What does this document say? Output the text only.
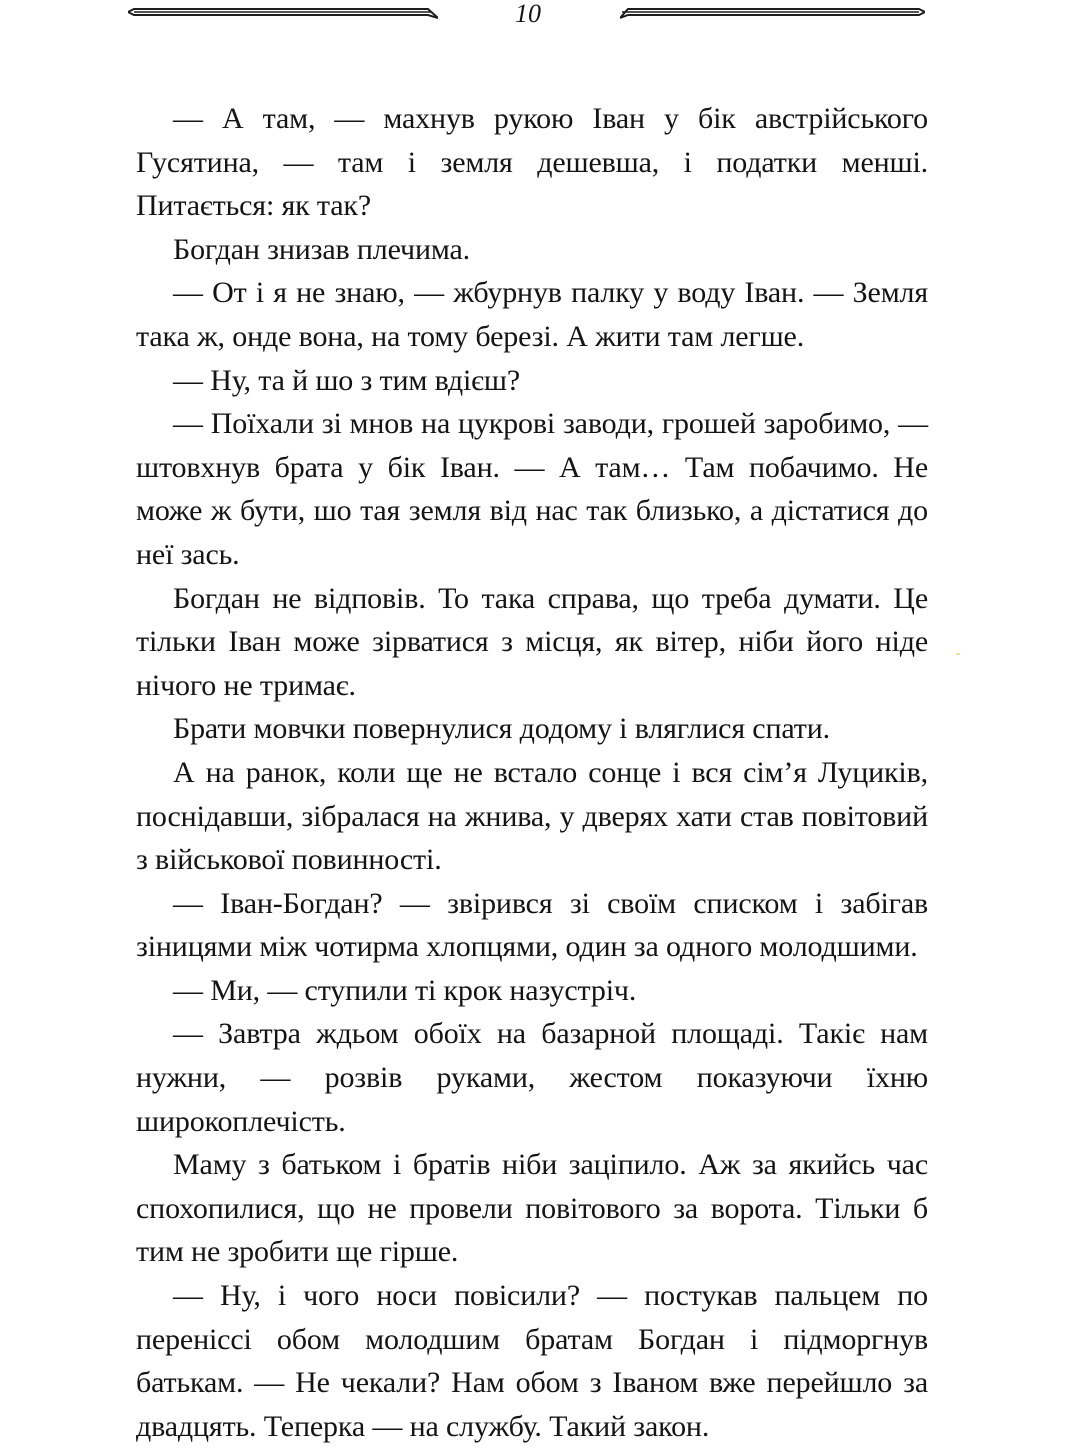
10

— А там, — махнув рукою Іван у бік австрійського Гусятина, — там і земля дешевша, і податки менші. Питається: як так?

Богдан знизав плечима.

— От і я не знаю, — жбурнув палку у воду Іван. — Земля така ж, онде вона, на тому березі. А жити там легше.

— Ну, та й шо з тим вдієш?

— Поїхали зі мнов на цукрові заводи, грошей заробимо, — штовхнув брата у бік Іван. — А там… Там побачимо. Не може ж бути, шо тая земля від нас так близько, а дістатися до неї зась.

Богдан не відповів. То така справа, що треба думати. Це тільки Іван може зірватися з місця, як вітер, ніби його ніде нічого не тримає.

Брати мовчки повернулися додому і вляглися спати.

А на ранок, коли ще не встало сонце і вся сім’я Луциків, поснідавши, зібралася на жнива, у дверях хати став повітовий з військової повинності.

— Іван-Богдан? — звірився зі своїм списком і забігав зіницями між чотирма хлопцями, один за одного молодшими.

— Ми, — ступили ті крок назустріч.

— Завтра ждьом обоїх на базарной площаді. Такіє нам нужни, — розвів руками, жестом показуючи їхню широкоплечість.

Маму з батьком і братів ніби заціпило. Аж за якийсь час спохопилися, що не провели повітового за ворота. Тільки б тим не зробити ще гірше.

— Ну, і чого носи повісили? — постукав пальцем по переніссі обом молодшим братам Богдан і підморгнув батькам. — Не чекали? Нам обом з Іваном вже перейшло за двадцять. Теперка — на службу. Такий закон.
